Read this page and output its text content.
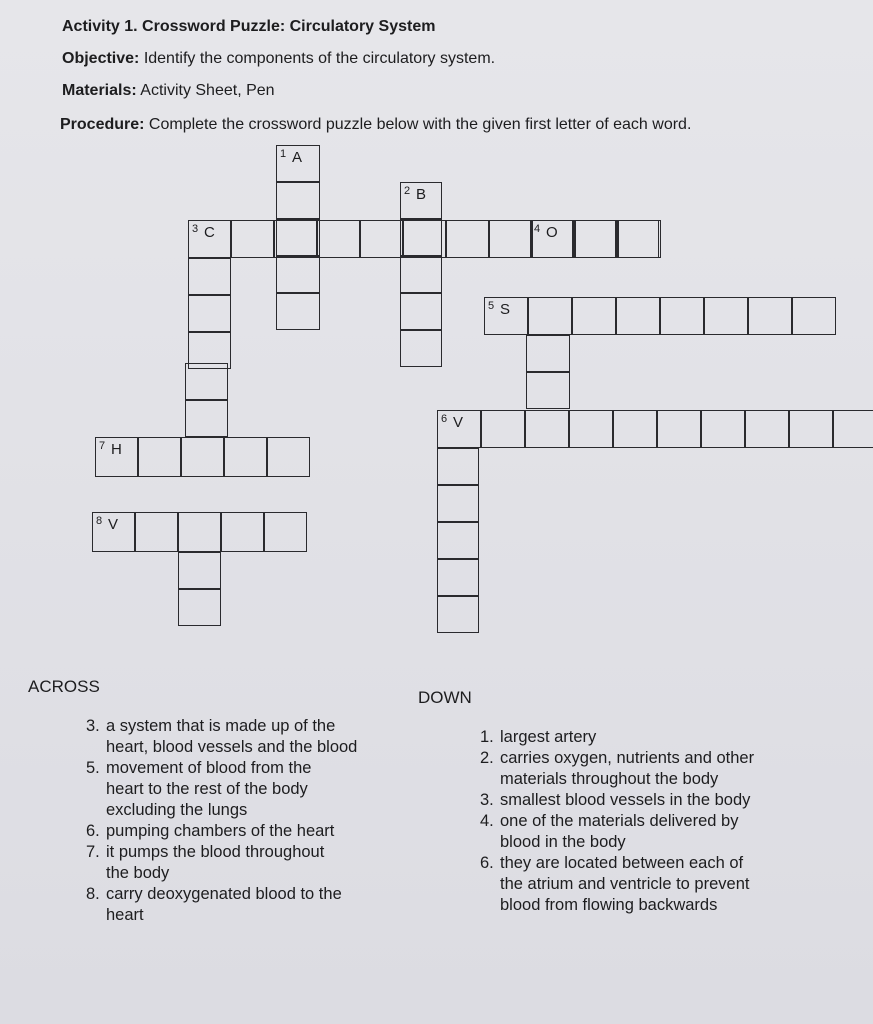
Activity 1. Crossword Puzzle: Circulatory System
Objective: Identify the components of the circulatory system.
Materials: Activity Sheet, Pen
Procedure: Complete the crossword puzzle below with the given first letter of each word.
1 A
2 B
3 C	4 O
5 S
6 V
7 H
8 V
ACROSS
3. a system that is made up of the
heart, blood vessels and the blood
5. movement of blood from the
heart to the rest of the body
excluding the lungs
6. pumping chambers of the heart
7. it pumps the blood throughout
the body
8. carry deoxygenated blood to the
heart
DOWN
1. largest artery
2. carries oxygen, nutrients and other
materials throughout the body
3. smallest blood vessels in the body
4. one of the materials delivered by
blood in the body
6. they are located between each of
the atrium and ventricle to prevent
blood from flowing backwards
